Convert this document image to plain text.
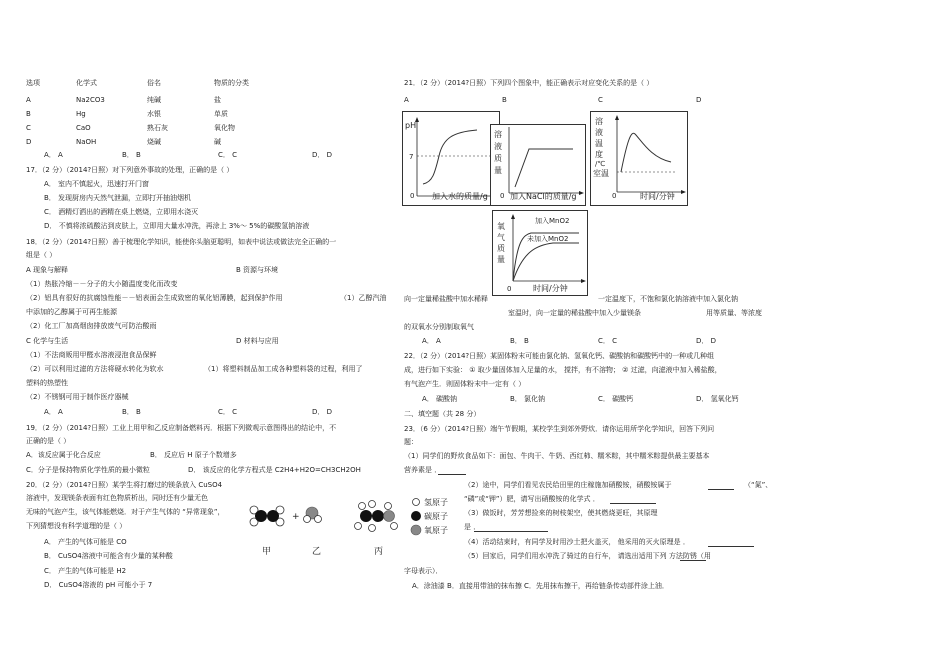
选项	化学式	俗名	物质的分类
A	Na2CO3	纯碱	盐
B	Hg	水银	单质
C	CaO	熟石灰	氧化物
D	NaOH	烧碱	碱
A． A	B． B	C． C	D． D
17．（2 分）（2014?日照）对下列意外事故的处理，正确的是（ ）
A． 室内不慎起火，迅速打开门窗
B． 发现厨房内天然气泄漏，立即打开抽油烟机
C． 酒精灯洒出的酒精在桌上燃烧，立即用水浇灭
D． 不慎将浓硫酸沾到皮肤上，立即用大量水冲洗，再涂上 3%～ 5%的碳酸氢钠溶液
18．（2 分）（2014?日照）善于梳理化学知识，能使你头脑更聪明，如表中说法或做法完全正确的一
组是（ ）
A 现象与解释	B 资源与环境
（1）热胀冷缩－－分子的大小随温度变化而改变
（2）铝具有很好的抗腐蚀性能－－铝表面会生成致密的氧化铝薄膜，起到保护作用	（1）乙醇汽油
中添加的乙醇属于可再生能源
（2）化工厂加高烟囱排放废气可防治酸雨
C 化学与生活	D 材料与应用
（1）不法商贩用甲醛水溶液浸泡食品保鲜
（2）可以利用过滤的方法将硬水转化为软水	（1）将塑料制品加工成各种塑料袋的过程，利用了
塑料的热塑性
（2）不锈钢可用于制作医疗器械
A． A	B． B	C． C	D． D
19．（2 分）（2014?日照）工业上用甲和乙反应制备燃料丙．根据下列微观示意图得出的结论中，不
正确的是（ ）
A．该反应属于化合反应	B． 反应后 H 原子个数增多
C．分子是保持物质化学性质的最小微粒	D． 该反应的化学方程式是 C2H4+H2O=CH3CH2OH
20．（2 分）（2014?日照）某学生将打磨过的镁条放入 CuSO4
溶液中，发现镁条表面有红色物质析出，同时还有少量无色
无味的气泡产生，该气体能燃烧．对于产生气体的 “异常现象”，
下列猜想没有科学道理的是（ ）
A． 产生的气体可能是 CO
B． CuSO4溶液中可能含有少量的某种酸
C． 产生的气体可能是 H2
D． CuSO4溶液的 pH 可能小于 7
+
氢原子
碳原子
氧原子
甲	乙	丙
21．（2 分）（2014?日照）下列四个图象中，能正确表示对应变化关系的是（ ）
A	B	C	D
pH
7
0 加入水的质量/g
溶
液
质
量
0 加入NaCl的质量/g
溶
液
温
度
/℃
室温
0	时间/分钟
氧
气
质
量
加入MnO2
未加入MnO2
0	时间/分钟
向一定量稀盐酸中加水稀释	一定温度下，不饱和氯化钠溶液中加入氯化钠
室温时，向一定量的稀盐酸中加入少量镁条	用等质量、等浓度
的双氧水分别制取氧气
A． A	B． B	C． C	D． D
22．（2 分）（2014?日照）某固体粉末可能由氯化钠、氢氧化钙、碳酸钠和碳酸钙中的一种或几种组
成，进行如下实验： ① 取少量固体加入足量的水， 搅拌，有不溶物； ② 过滤，向滤液中加入稀盐酸，
有气泡产生．则固体粉末中一定有（ ）
A． 碳酸钠	B． 氯化钠	C． 碳酸钙	D． 氢氧化钙
二、填空题（共 28 分）
23．（6 分）（2014?日照）端午节假期，某校学生到郊外野炊．请你运用所学化学知识，回答下列问
题：
（1）同学们的野炊食品如下：面包、牛肉干、牛奶、西红柿、糯米粽，其中糯米粽提供最主要基本
营养素是 ．
（2）途中，同学们看见农民给田里的庄稼施加硝酸铵，硝酸铵属于	（“氮”、
“磷”或“钾”）肥，请写出硝酸铵的化学式 ．
（3）做饭时，芳芳想捡来的树枝架空，使其燃烧更旺，其原理
是 ．
（4）活动结束时，有同学及时用沙土把火盖灭， 他采用的灭火原理是 ．
（5）回家后，同学们用水冲洗了骑过的自行车， 请选出适用下列 方法防锈（用
字母表示）．
A．涂油漆 B．直接用带油的抹布擦 C．先用抹布擦干，再给链条传动部件涂上油．
